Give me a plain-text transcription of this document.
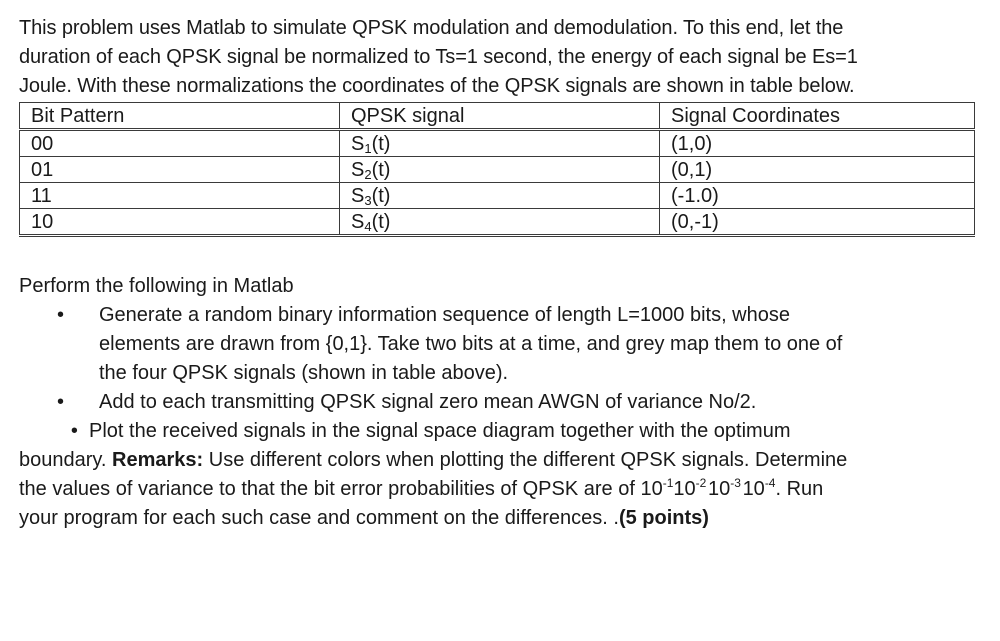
This problem uses Matlab to simulate QPSK modulation and demodulation. To this end, let the
duration of each QPSK signal be normalized to Ts=1 second, the energy of each signal be Es=1
Joule. With these normalizations the coordinates of the QPSK signals are shown in table below.

Bit Pattern	QPSK signal	Signal Coordinates
00	$S_1(t)$	(1,0)
01	$S_2(t)$	(0,1)
11	$S_3(t)$	(-1.0)
10	$S_4(t)$	(0,-1)

Perform the following in Matlab

• Generate a random binary information sequence of length L=1000 bits, whose
elements are drawn from {0,1}. Take two bits at a time, and grey map them to one of
the four QPSK signals (shown in table above).
• Add to each transmitting QPSK signal zero mean AWGN of variance No/2.

• Plot the received signals in the signal space diagram together with the optimum
boundary. Remarks: Use different colors when plotting the different QPSK signals. Determine
the values of variance to that the bit error probabilities of QPSK are of $10^{-1}10^{-2}$ $10^{-3}$ $10^{-4}$. Run
your program for each such case and comment on the differences. .(5 points)
